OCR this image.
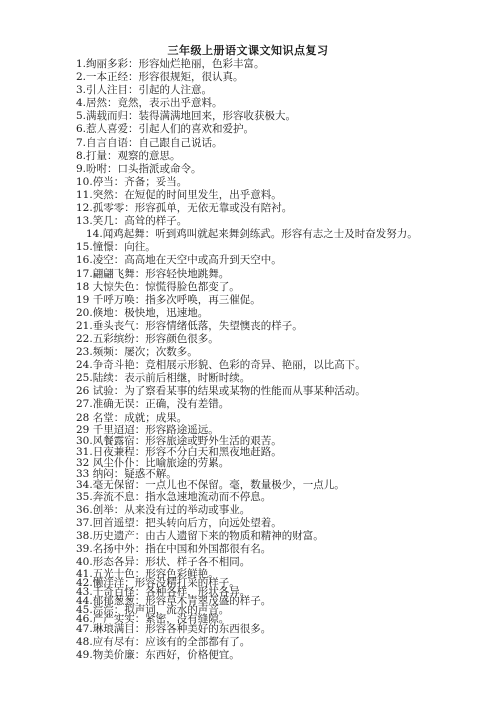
三年级上册语文课文知识点复习
1.绚丽多彩：形容灿烂艳丽，色彩丰富。
2.一本正经：形容很规矩，很认真。
3.引人注目：引起的人注意。
4.居然：竟然，表示出乎意料。
5.满载而归：装得满满地回来，形容收获极大。
6.惹人喜爱：引起人们的喜欢和爱护。
7.自言自语：自己跟自己说话。
8.打量：观察的意思。
9.吩咐：口头指派或命令。
10.停当：齐备；妥当。
11.突然：在短促的时间里发生，出乎意料。
12.孤零零：形容孤单，无依无靠或没有陪衬。
13.笑几：高耸的样子。
14.闻鸡起舞：听到鸡叫就起来舞剑练武。形容有志之士及时奋发努力。
15.憧憬：向往。
16.凌空：高高地在天空中或高升到天空中。
17.翩翩飞舞：形容轻快地跳舞。
18 大惊失色：惊慌得脸色都变了。
19 千呼万唤：指多次呼唤，再三催促。
20.倏地：极快地，迅速地。
21.垂头丧气：形容情绪低落，失望懊丧的样子。
22.五彩缤纷：形容颜色很多。
23.频频：屡次；次数多。
24.争奇斗艳：竞相展示形貌、色彩的奇异、艳丽，以比高下。
25.陆续：表示前后相继，时断时续。
26 试验：为了察看某事的结果或某物的性能而从事某种活动。
27.准确无误：正确，没有差错。
28 名堂：成就；成果。
29 千里迢迢：形容路途遥远。
30.风餐露宿：形容旅途或野外生活的艰苦。
31.日夜兼程：形容不分白天和黑夜地赶路。
32 风尘仆仆：比喻旅途的劳累。
33 纳闷：疑惑不解。
34.毫无保留：一点儿也不保留。毫，数量极少，一点儿。
35.奔流不息：指水急速地流动而不停息。
36.创举：从来没有过的举动或事业。
37.回首遥望：把头转向后方，向远处望着。
38.历史遗产：由古人遗留下来的物质和精神的财富。
39.名扬中外：指在中国和外国都很有名。
40.形态各异：形状、样子各不相同。
41.五光十色：形容色彩鲜艳。
42.懒洋洋：形容没精打采的样子。
43.千奇百怪：各种各样，形状各异。
44.郁郁葱葱：形容草木青翠茂盛的样子。
45.淙淙：拟声词，流水的声音。
46.严严实实：紧密，没有缝隙。
47.琳琅满目：形容各种美好的东西很多。
48.应有尽有：应该有的全部都有了。
49.物美价廉：东西好，价格便宜。
